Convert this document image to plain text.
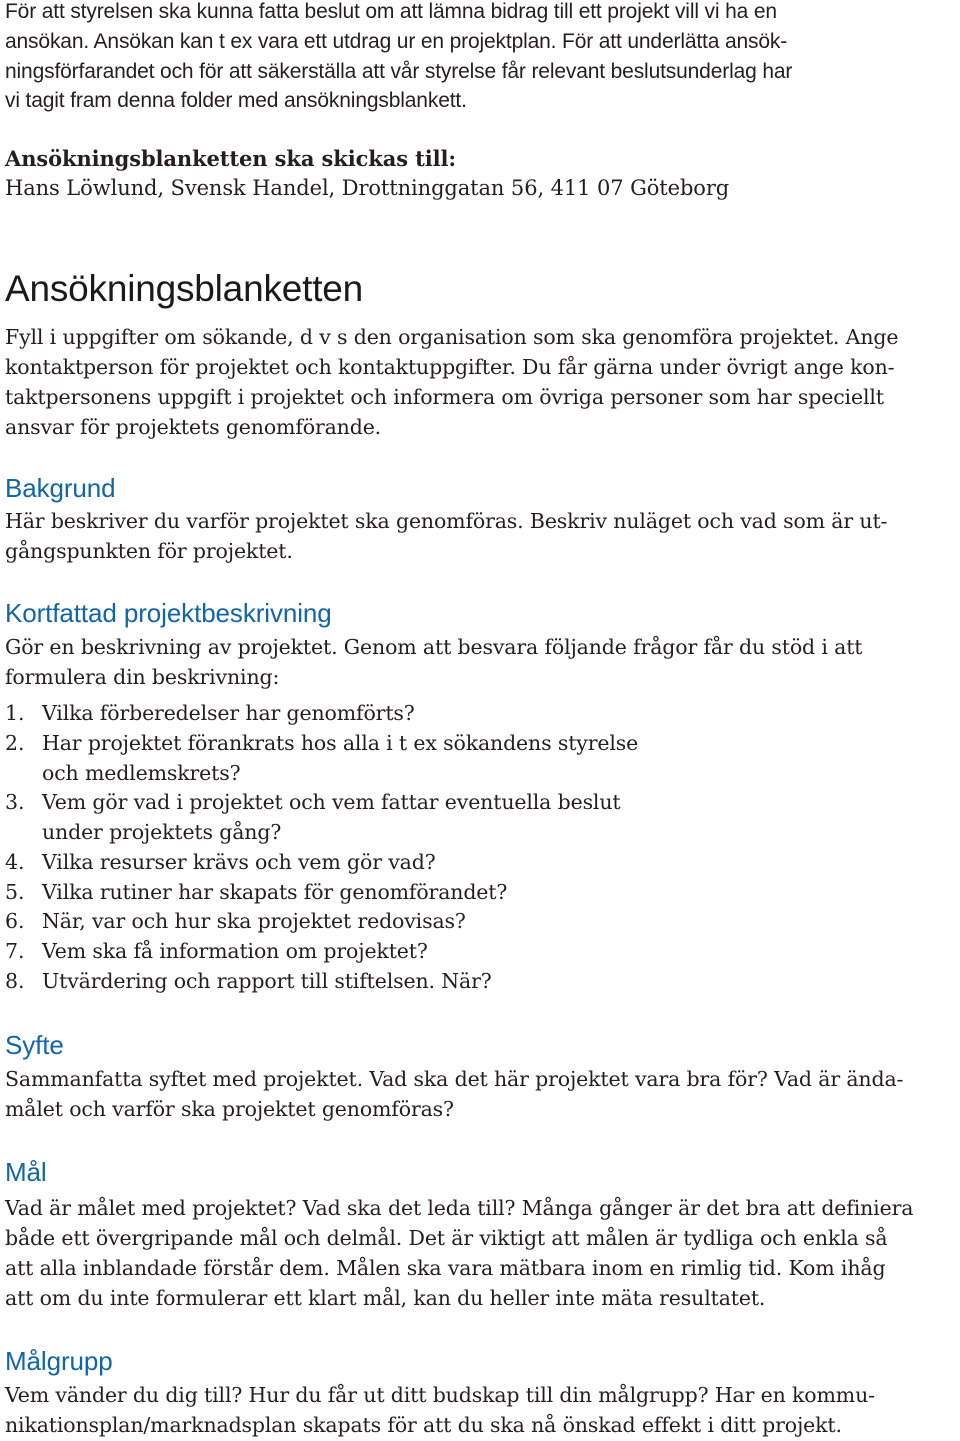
För att styrelsen ska kunna fatta beslut om att lämna bidrag till ett projekt vill vi ha en
ansökan. Ansökan kan t ex vara ett utdrag ur en projektplan. För att underlätta ansök-
ningsförfarandet och för att säkerställa att vår styrelse får relevant beslutsunderlag har
vi tagit fram denna folder med ansökningsblankett.
Ansökningsblanketten ska skickas till:
Hans Löwlund, Svensk Handel, Drottninggatan 56, 411 07 Göteborg
Ansökningsblanketten
Fyll i uppgifter om sökande, d v s den organisation som ska genomföra projektet. Ange
kontaktperson för projektet och kontaktuppgifter. Du får gärna under övrigt ange kon-
taktpersonens uppgift i projektet och informera om övriga personer som har speciellt
ansvar för projektets genomförande.
Bakgrund
Här beskriver du varför projektet ska genomföras. Beskriv nuläget och vad som är ut-
gångspunkten för projektet.
Kortfattad projektbeskrivning
Gör en beskrivning av projektet. Genom att besvara följande frågor får du stöd i att
formulera din beskrivning:
1. Vilka förberedelser har genomförts?
2. Har projektet förankrats hos alla i t ex sökandens styrelse
och medlemskrets?
3. Vem gör vad i projektet och vem fattar eventuella beslut
under projektets gång?
4. Vilka resurser krävs och vem gör vad?
5. Vilka rutiner har skapats för genomförandet?
6. När, var och hur ska projektet redovisas?
7. Vem ska få information om projektet?
8. Utvärdering och rapport till stiftelsen. När?
Syfte
Sammanfatta syftet med projektet. Vad ska det här projektet vara bra för? Vad är ända-
målet och varför ska projektet genomföras?
Mål
Vad är målet med projektet? Vad ska det leda till? Många gånger är det bra att definiera
både ett övergripande mål och delmål. Det är viktigt att målen är tydliga och enkla så
att alla inblandade förstår dem. Målen ska vara mätbara inom en rimlig tid. Kom ihåg
att om du inte formulerar ett klart mål, kan du heller inte mäta resultatet.
Målgrupp
Vem vänder du dig till? Hur du får ut ditt budskap till din målgrupp? Har en kommu-
nikationsplan/marknadsplan skapats för att du ska nå önskad effekt i ditt projekt.
